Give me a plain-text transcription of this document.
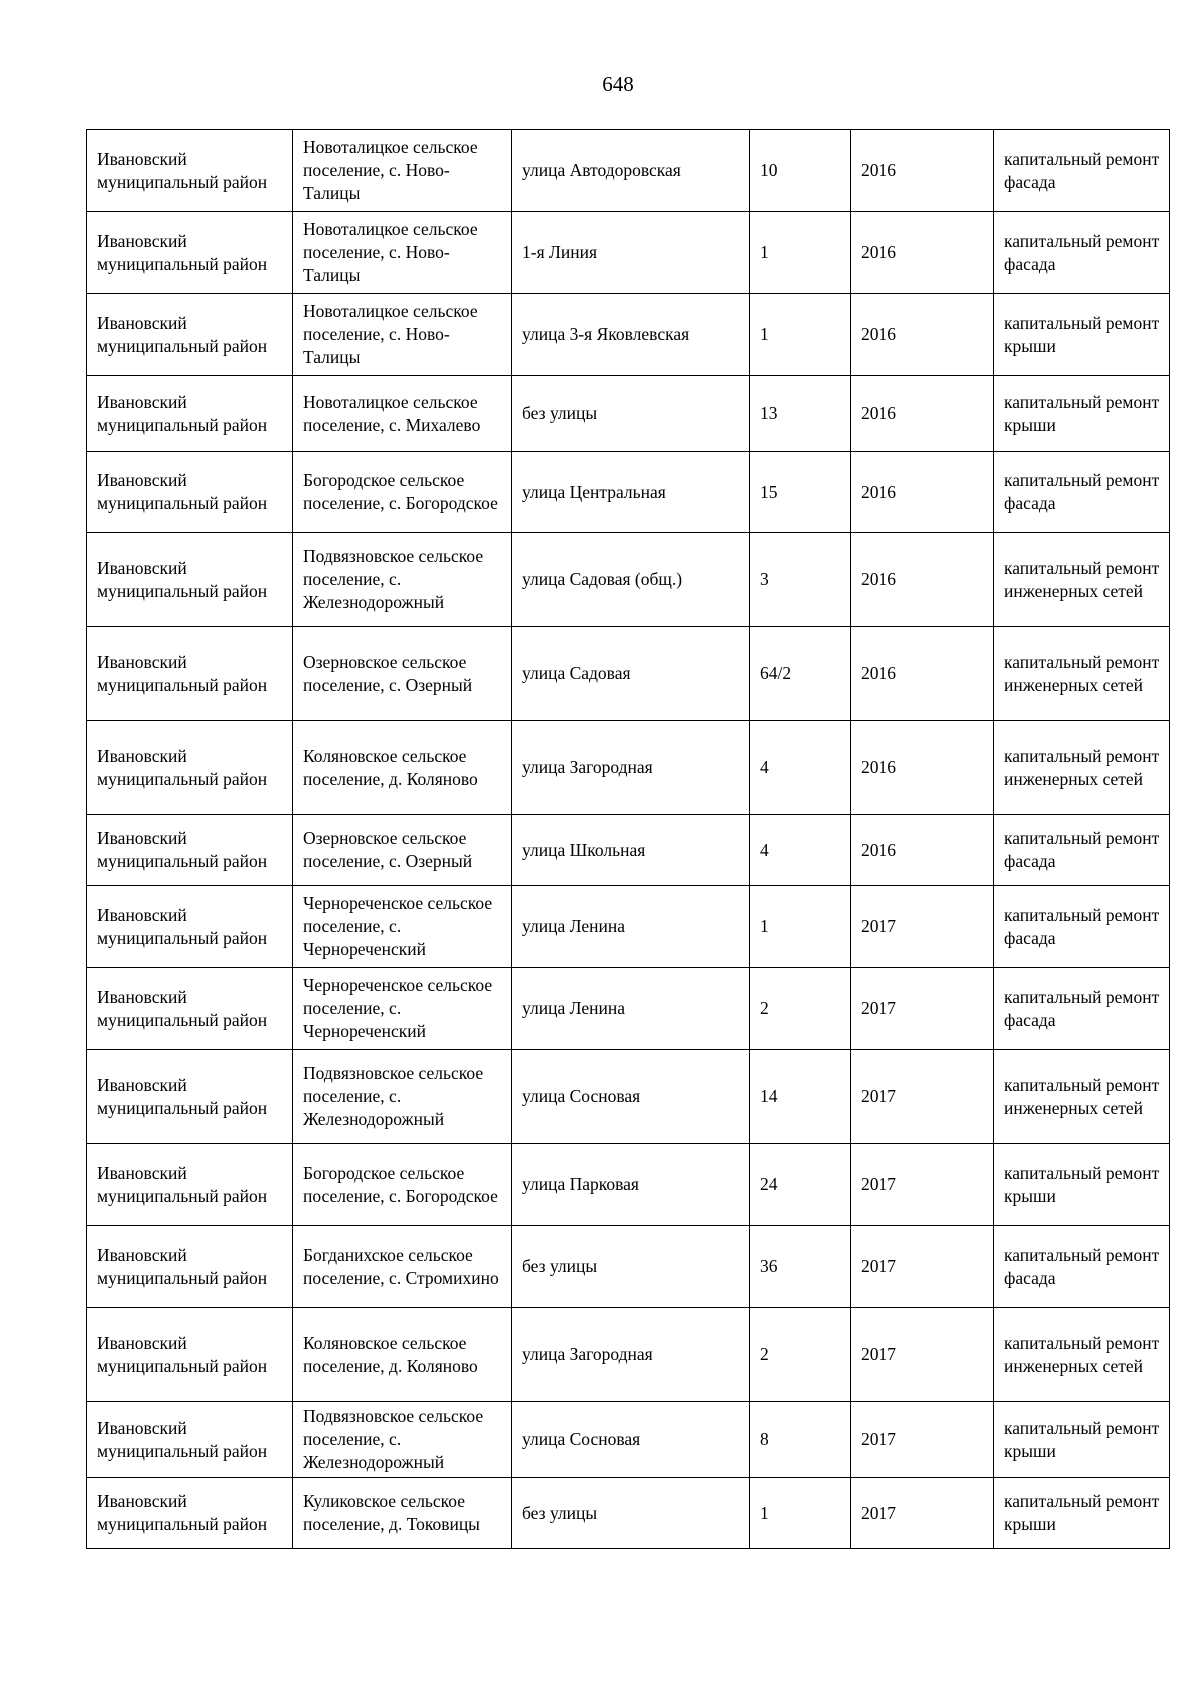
648
Ивановский муниципальный район	Новоталицкое сельское поселение, с. Ново-Талицы	улица Автодоровская	10	2016	капитальный ремонт фасада
Ивановский муниципальный район	Новоталицкое сельское поселение, с. Ново-Талицы	1-я Линия	1	2016	капитальный ремонт фасада
Ивановский муниципальный район	Новоталицкое сельское поселение, с. Ново-Талицы	улица 3-я Яковлевская	1	2016	капитальный ремонт крыши
Ивановский муниципальный район	Новоталицкое сельское поселение, с. Михалево	без улицы	13	2016	капитальный ремонт крыши
Ивановский муниципальный район	Богородское сельское поселение, с. Богородское	улица Центральная	15	2016	капитальный ремонт фасада
Ивановский муниципальный район	Подвязновское сельское поселение, с. Железнодорожный	улица Садовая (общ.)	3	2016	капитальный ремонт инженерных сетей
Ивановский муниципальный район	Озерновское сельское поселение, с. Озерный	улица Садовая	64/2	2016	капитальный ремонт инженерных сетей
Ивановский муниципальный район	Коляновское сельское поселение, д. Коляново	улица Загородная	4	2016	капитальный ремонт инженерных сетей
Ивановский муниципальный район	Озерновское сельское поселение, с. Озерный	улица Школьная	4	2016	капитальный ремонт фасада
Ивановский муниципальный район	Чернореченское сельское поселение, с. Чернореченский	улица Ленина	1	2017	капитальный ремонт фасада
Ивановский муниципальный район	Чернореченское сельское поселение, с. Чернореченский	улица Ленина	2	2017	капитальный ремонт фасада
Ивановский муниципальный район	Подвязновское сельское поселение, с. Железнодорожный	улица Сосновая	14	2017	капитальный ремонт инженерных сетей
Ивановский муниципальный район	Богородское сельское поселение, с. Богородское	улица Парковая	24	2017	капитальный ремонт крыши
Ивановский муниципальный район	Богданихское сельское поселение, с. Стромихино	без улицы	36	2017	капитальный ремонт фасада
Ивановский муниципальный район	Коляновское сельское поселение, д. Коляново	улица Загородная	2	2017	капитальный ремонт инженерных сетей
Ивановский муниципальный район	Подвязновское сельское поселение, с. Железнодорожный	улица Сосновая	8	2017	капитальный ремонт крыши
Ивановский муниципальный район	Куликовское сельское поселение, д. Токовицы	без улицы	1	2017	капитальный ремонт крыши
